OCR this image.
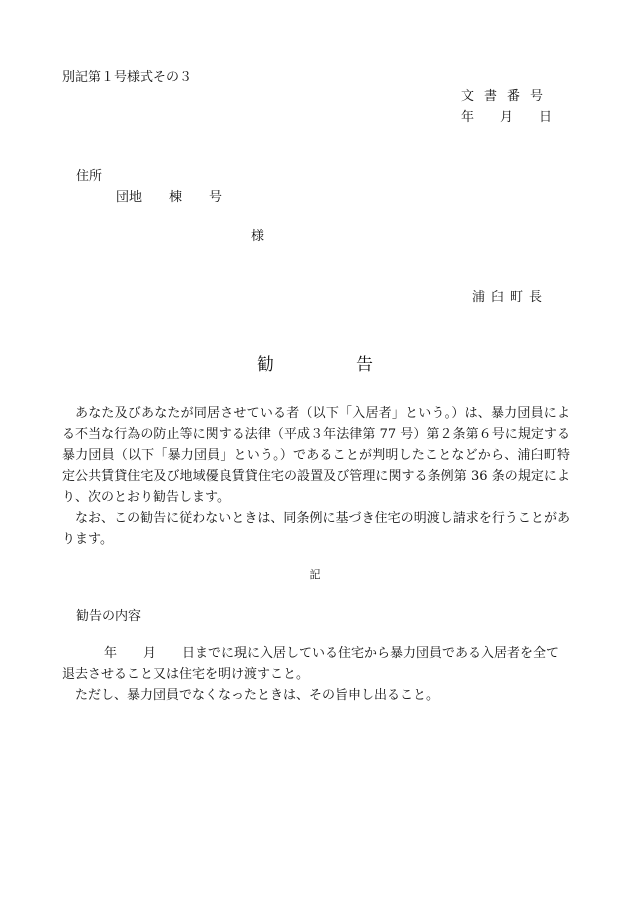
別記第１号様式その３
文書番号
年 月 日
住所
団地 棟 号
様
浦臼町長
勧	告

あなた及びあなたが同居させている者（以下「入居者」という。）は、暴力団員による不当な行為の防止等に関する法律（平成３年法律第 77 号）第２条第６号に規定する暴力団員（以下「暴力団員」という。）であることが判明したことなどから、浦臼町特定公共賃貸住宅及び地域優良賃貸住宅の設置及び管理に関する条例第 36 条の規定により、次のとおり勧告します。

なお、この勧告に従わないときは、同条例に基づき住宅の明渡し請求を行うことがあります。

記
勧告の内容

年 月 日までに現に入居している住宅から暴力団員である入居者を全て退去させること又は住宅を明け渡すこと。

ただし、暴力団員でなくなったときは、その旨申し出ること。
